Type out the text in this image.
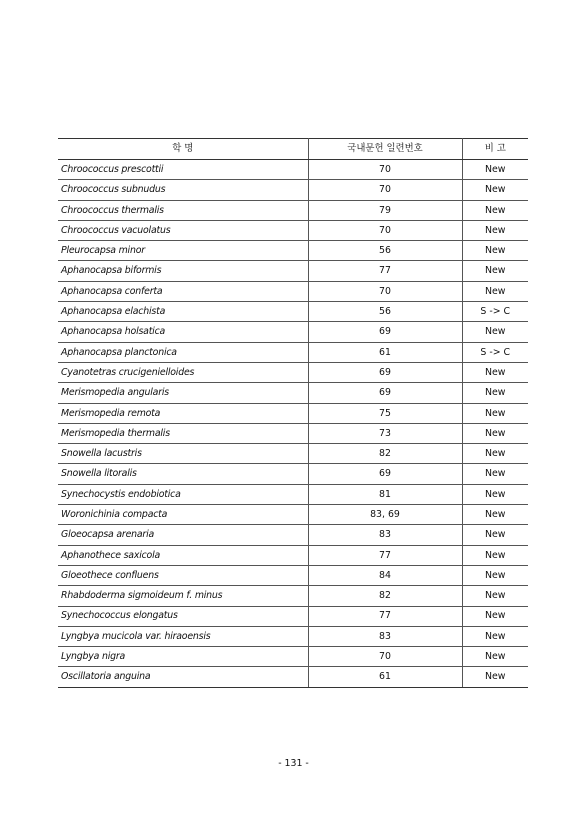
학 명	국내문헌 일련번호	비 고
Chroococcus prescottii	70	New
Chroococcus subnudus	70	New
Chroococcus thermalis	79	New
Chroococcus vacuolatus	70	New
Pleurocapsa minor	56	New
Aphanocapsa biformis	77	New
Aphanocapsa conferta	70	New
Aphanocapsa elachista	56	S -> C
Aphanocapsa holsatica	69	New
Aphanocapsa planctonica	61	S -> C
Cyanotetras crucigenielloides	69	New
Merismopedia angularis	69	New
Merismopedia remota	75	New
Merismopedia thermalis	73	New
Snowella lacustris	82	New
Snowella litoralis	69	New
Synechocystis endobiotica	81	New
Woronichinia compacta	83, 69	New
Gloeocapsa arenaria	83	New
Aphanothece saxicola	77	New
Gloeothece confluens	84	New
Rhabdoderma sigmoideum f. minus	82	New
Synechococcus elongatus	77	New
Lyngbya mucicola var. hiraoensis	83	New
Lyngbya nigra	70	New
Oscillatoria anguina	61	New
- 131 -
